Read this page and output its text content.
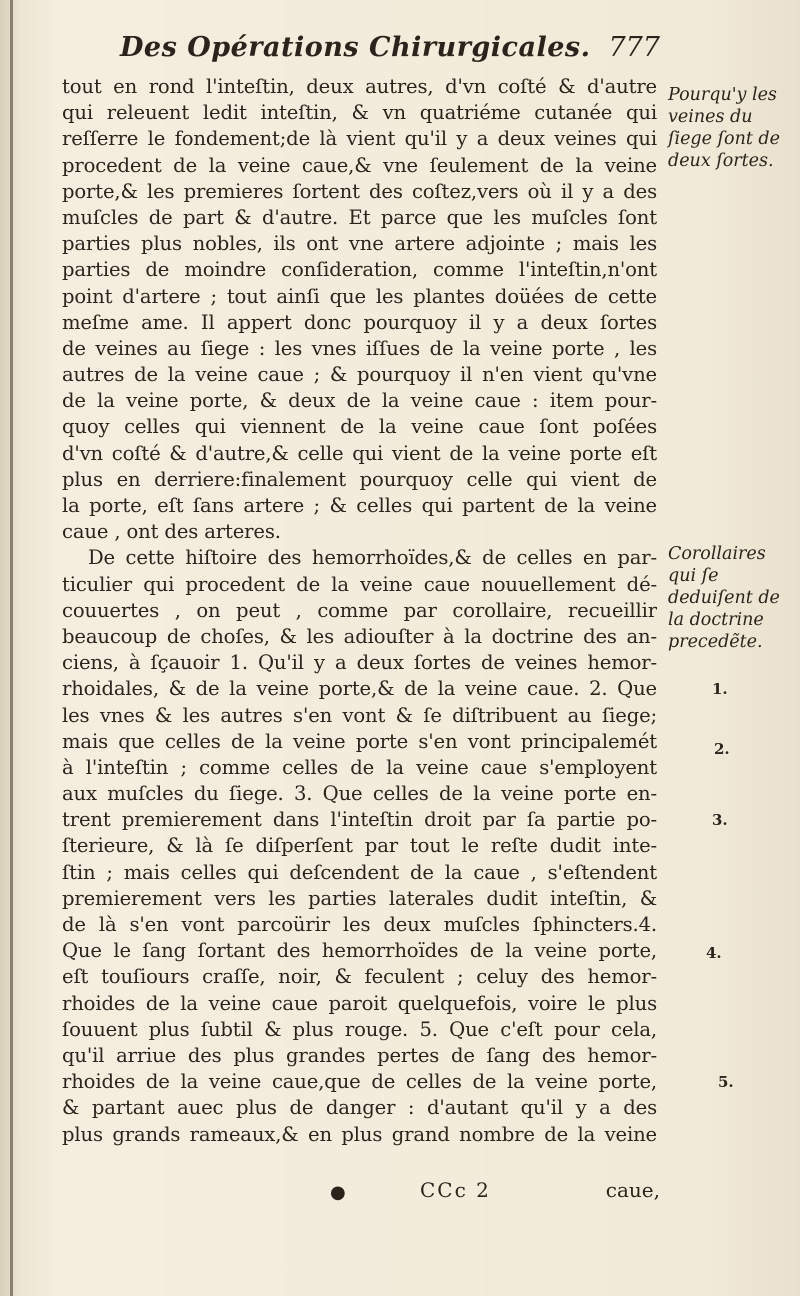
Des Opérations Chirurgicales. 777
tout en rond l'inteſtin, deux autres, d'vn coſté & d'autre
qui releuent ledit inteſtin, & vn quatriéme cutanée qui
reſſerre le fondement;de là vient qu'il y a deux veines qui
procedent de la veine caue,& vne ſeulement de la veine
porte,& les premieres ſortent des coſtez,vers où il y a des
muſcles de part & d'autre. Et parce que les muſcles ſont
parties plus nobles, ils ont vne artere adjointe ; mais les
parties de moindre conſideration, comme l'inteſtin,n'ont
point d'artere ; tout ainſi que les plantes doüées de cette
meſme ame. Il appert donc pourquoy il y a deux ſortes
de veines au ſiege : les vnes iſſues de la veine porte , les
autres de la veine caue ; & pourquoy il n'en vient qu'vne
de la veine porte, & deux de la veine caue : item pour-
quoy celles qui viennent de la veine caue ſont poſées
d'vn coſté & d'autre,& celle qui vient de la veine porte eſt
plus en derriere:finalement pourquoy celle qui vient de
la porte, eſt ſans artere ; & celles qui partent de la veine
caue , ont des arteres.
De cette hiſtoire des hemorrhoïdes,& de celles en par-
ticulier qui procedent de la veine caue nouuellement dé-
couuertes , on peut , comme par corollaire, recueillir
beaucoup de choſes, & les adiouſter à la doctrine des an-
ciens, à ſçauoir 1. Qu'il y a deux ſortes de veines hemor-
rhoidales, & de la veine porte,& de la veine caue. 2. Que
les vnes & les autres s'en vont & ſe diſtribuent au ſiege;
mais que celles de la veine porte s'en vont principalemét
à l'inteſtin ; comme celles de la veine caue s'employent
aux muſcles du ſiege. 3. Que celles de la veine porte en-
trent premierement dans l'inteſtin droit par ſa partie po-
ſterieure, & là ſe diſperſent par tout le reſte dudit inte-
ſtin ; mais celles qui deſcendent de la caue , s'eſtendent
premierement vers les parties laterales dudit inteſtin, &
de là s'en vont parcoürir les deux muſcles ſphincters.4.
Que le ſang ſortant des hemorrhoïdes de la veine porte,
eſt touſiours craſſe, noir, & feculent ; celuy des hemor-
rhoides de la veine caue paroit quelquefois, voire le plus
ſouuent plus ſubtil & plus rouge. 5. Que c'eſt pour cela,
qu'il arriue des plus grandes pertes de ſang des hemor-
rhoides de la veine caue,que de celles de la veine porte,
& partant auec plus de danger : d'autant qu'il y a des
plus grands rameaux,& en plus grand nombre de la veine
Pourqu'y les veines du ſiege ſont de deux ſortes.
Corollaires qui ſe deduiſent de la doctrine precedẽte.
1.
2.
3.
4.
5.
●	CCc 2	caue,
